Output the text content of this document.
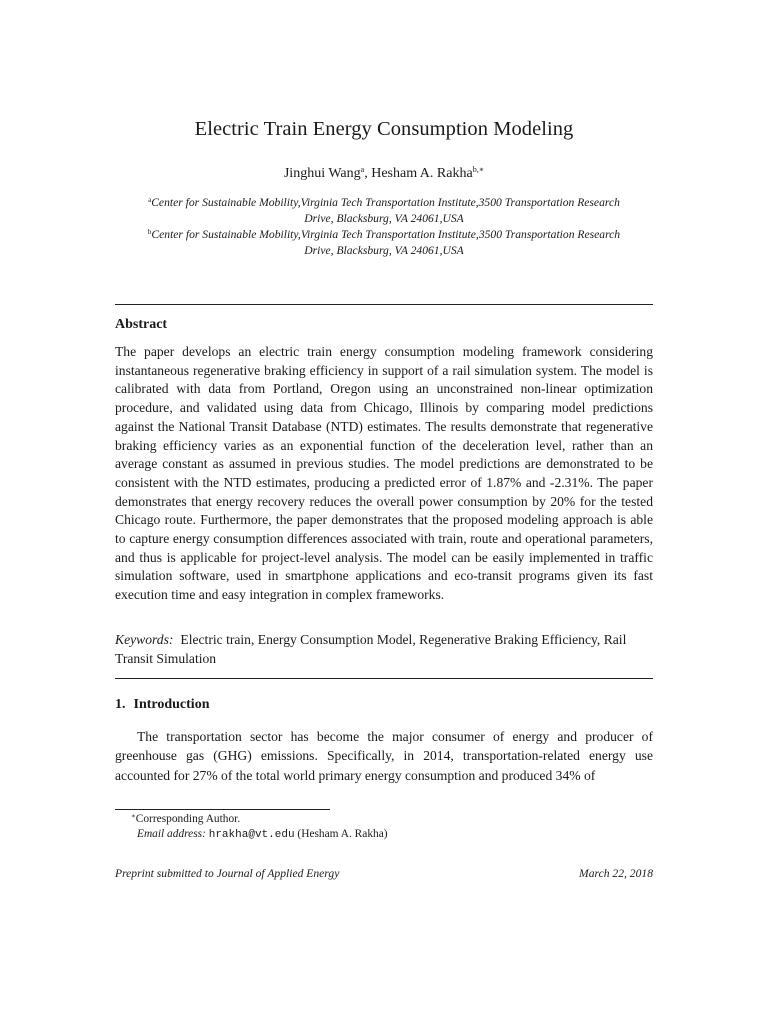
Electric Train Energy Consumption Modeling
Jinghui Wang$^a$, Hesham A. Rakha$^{b,∗}$
$^a$Center for Sustainable Mobility,Virginia Tech Transportation Institute,3500 Transportation Research
Drive, Blacksburg, VA 24061,USA
$^b$Center for Sustainable Mobility,Virginia Tech Transportation Institute,3500 Transportation Research
Drive, Blacksburg, VA 24061,USA
Abstract
The paper develops an electric train energy consumption modeling framework considering instantaneous regenerative braking efficiency in support of a rail simulation system. The model is calibrated with data from Portland, Oregon using an unconstrained non-linear optimization procedure, and validated using data from Chicago, Illinois by comparing model predictions against the National Transit Database (NTD) estimates. The results demonstrate that regenerative braking efficiency varies as an exponential function of the deceleration level, rather than an average constant as assumed in previous studies. The model predictions are demonstrated to be consistent with the NTD estimates, producing a predicted error of 1.87% and -2.31%. The paper demonstrates that energy recovery reduces the overall power consumption by 20% for the tested Chicago route. Furthermore, the paper demonstrates that the proposed modeling approach is able to capture energy consumption differences associated with train, route and operational parameters, and thus is applicable for project-level analysis. The model can be easily implemented in traffic simulation software, used in smartphone applications and eco-transit programs given its fast execution time and easy integration in complex frameworks.
Keywords: Electric train, Energy Consumption Model, Regenerative Braking Efficiency, Rail Transit Simulation
1. Introduction
The transportation sector has become the major consumer of energy and producer of greenhouse gas (GHG) emissions. Specifically, in 2014, transportation-related energy use accounted for 27% of the total world primary energy consumption and produced 34% of
∗Corresponding Author.
Email address: hrakha@vt.edu (Hesham A. Rakha)
Preprint submitted to Journal of Applied Energy	March 22, 2018
